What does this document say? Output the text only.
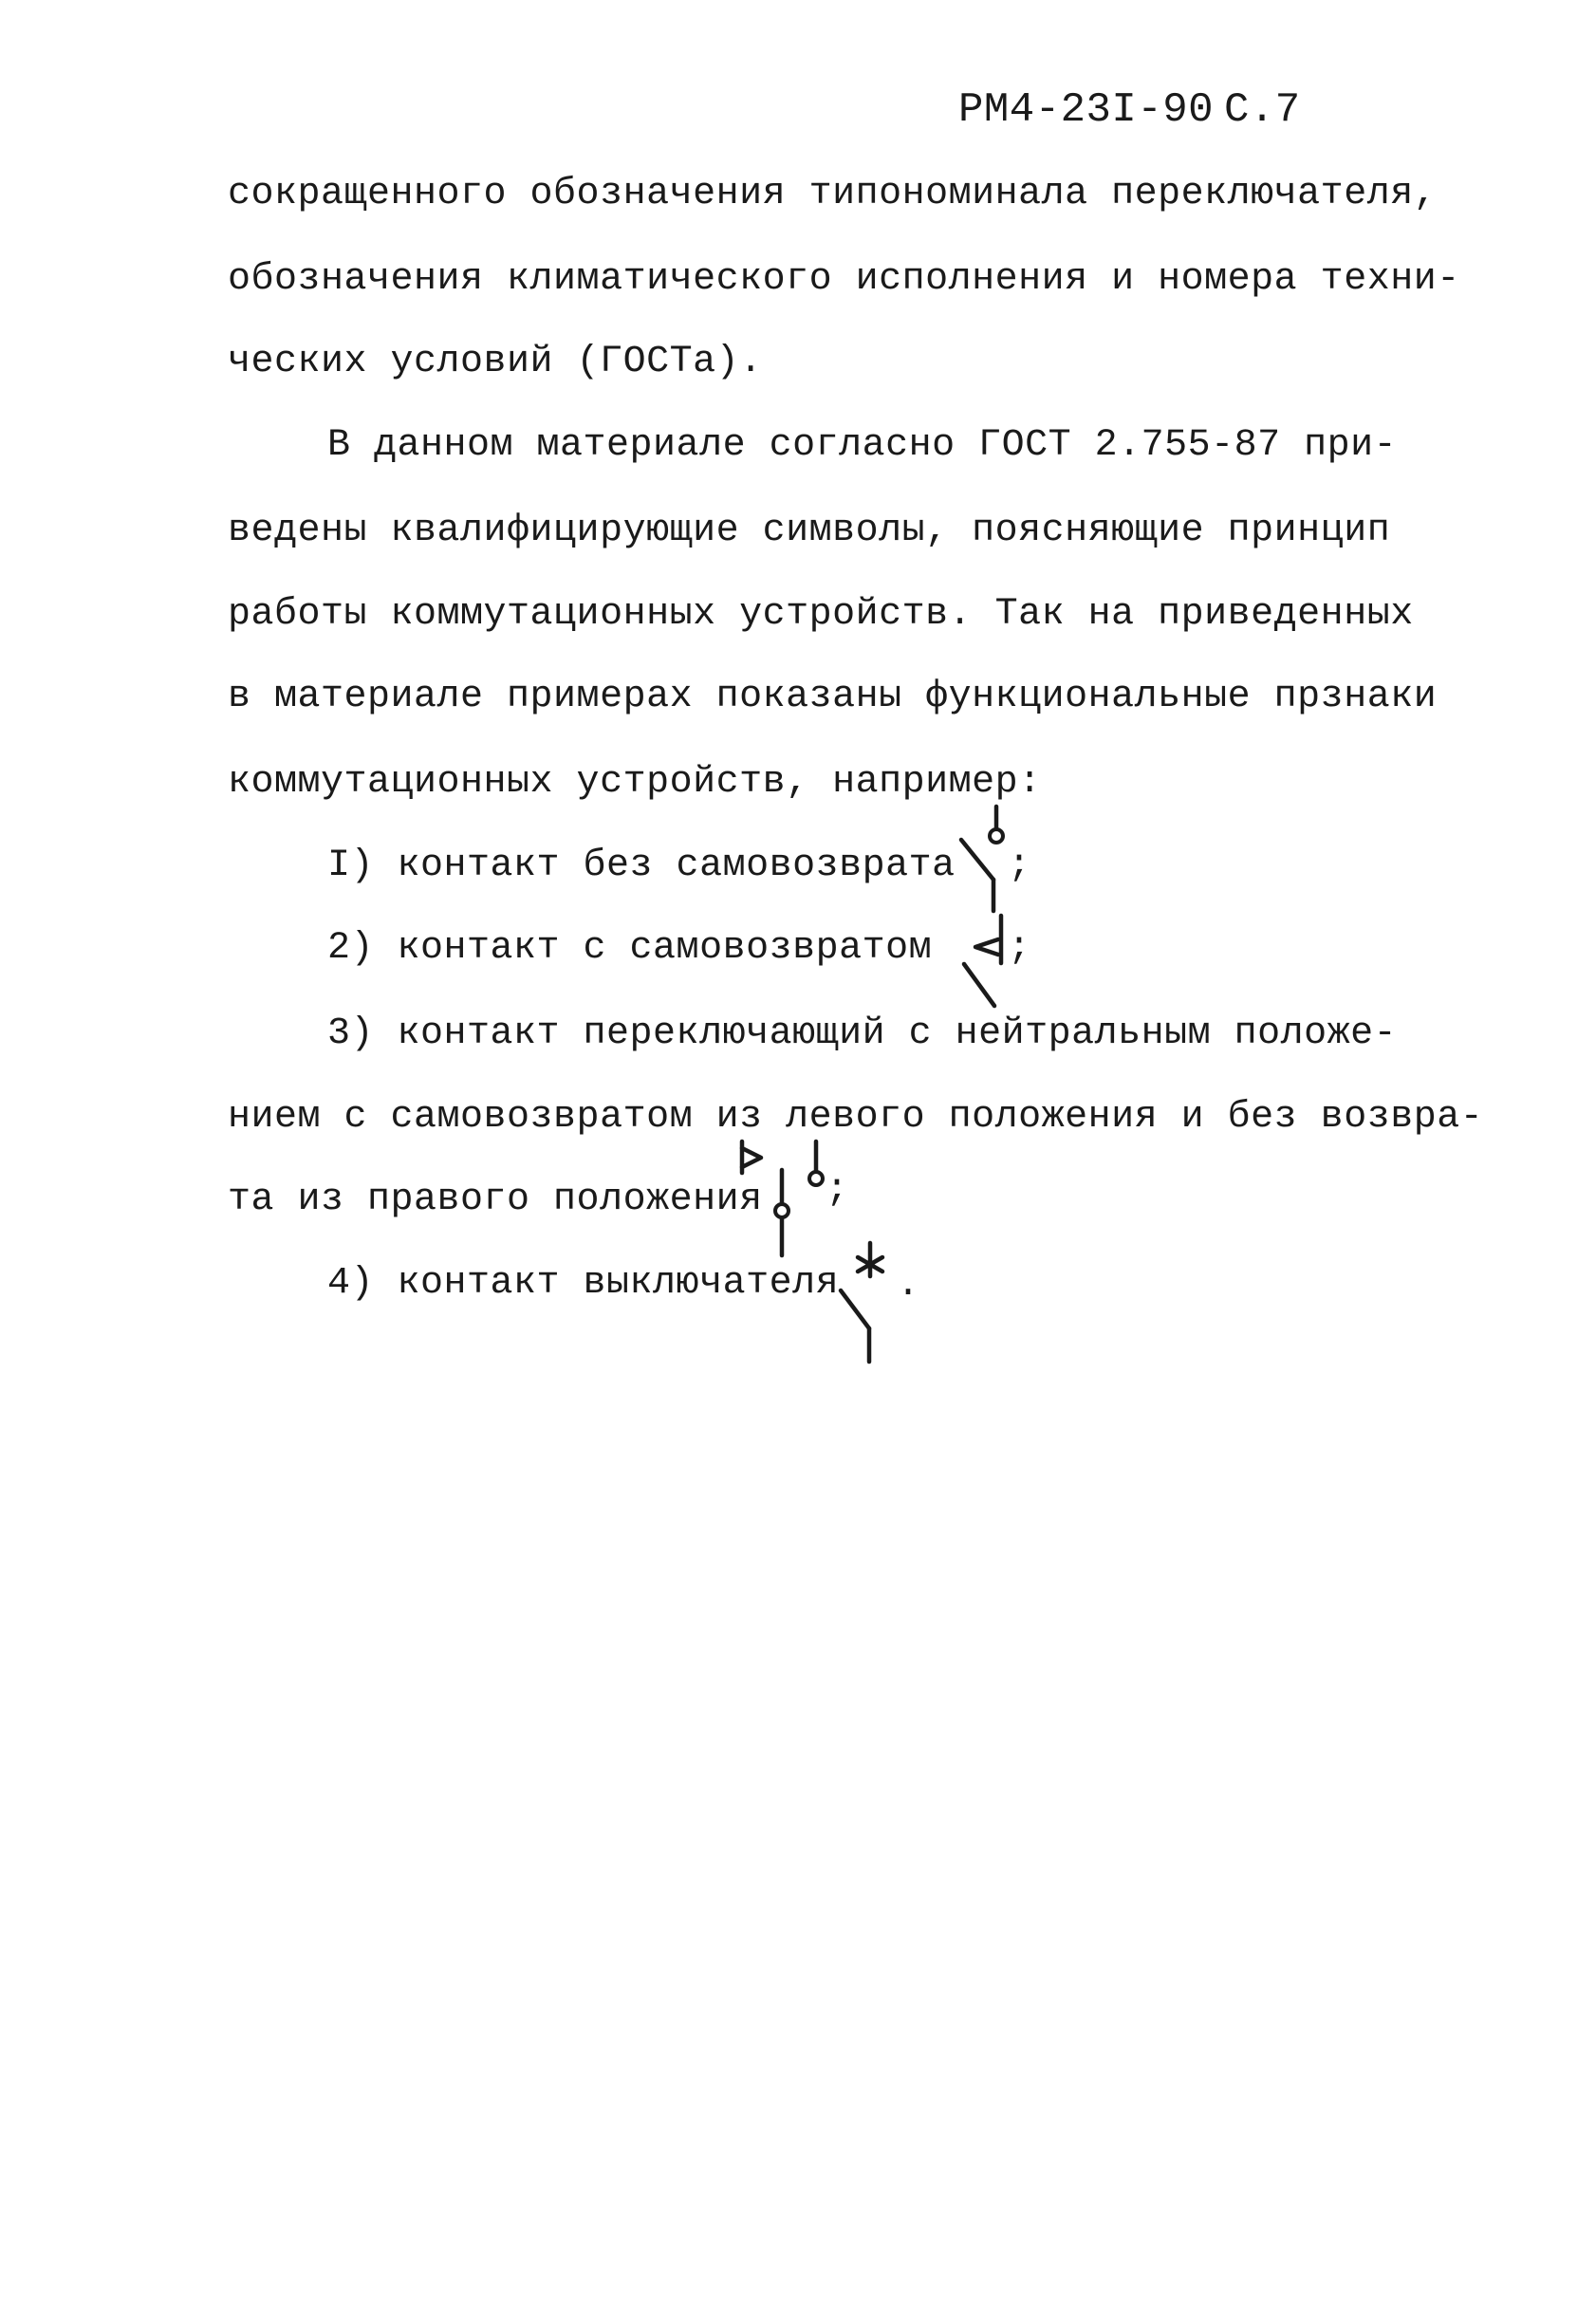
РМ4-23I-90 С.7
сокращенного обозначения типономинала переключателя,
обозначения климатического исполнения и номера техни-
ческих условий (ГОСТа).
В данном материале согласно ГОСТ 2.755-87 при-
ведены квалифицирующие символы, поясняющие принцип
работы коммутационных устройств. Так на приведенных
в материале примерах показаны функциональные прзнаки
коммутационных устройств, например:
I) контакт без самовозврата ;
2) контакт с самовозвратом ;
3) контакт переключающий с нейтральным положе-
нием с самовозвратом из левого положения и без возвра-
та из правого положения ;
4) контакт выключателя .
